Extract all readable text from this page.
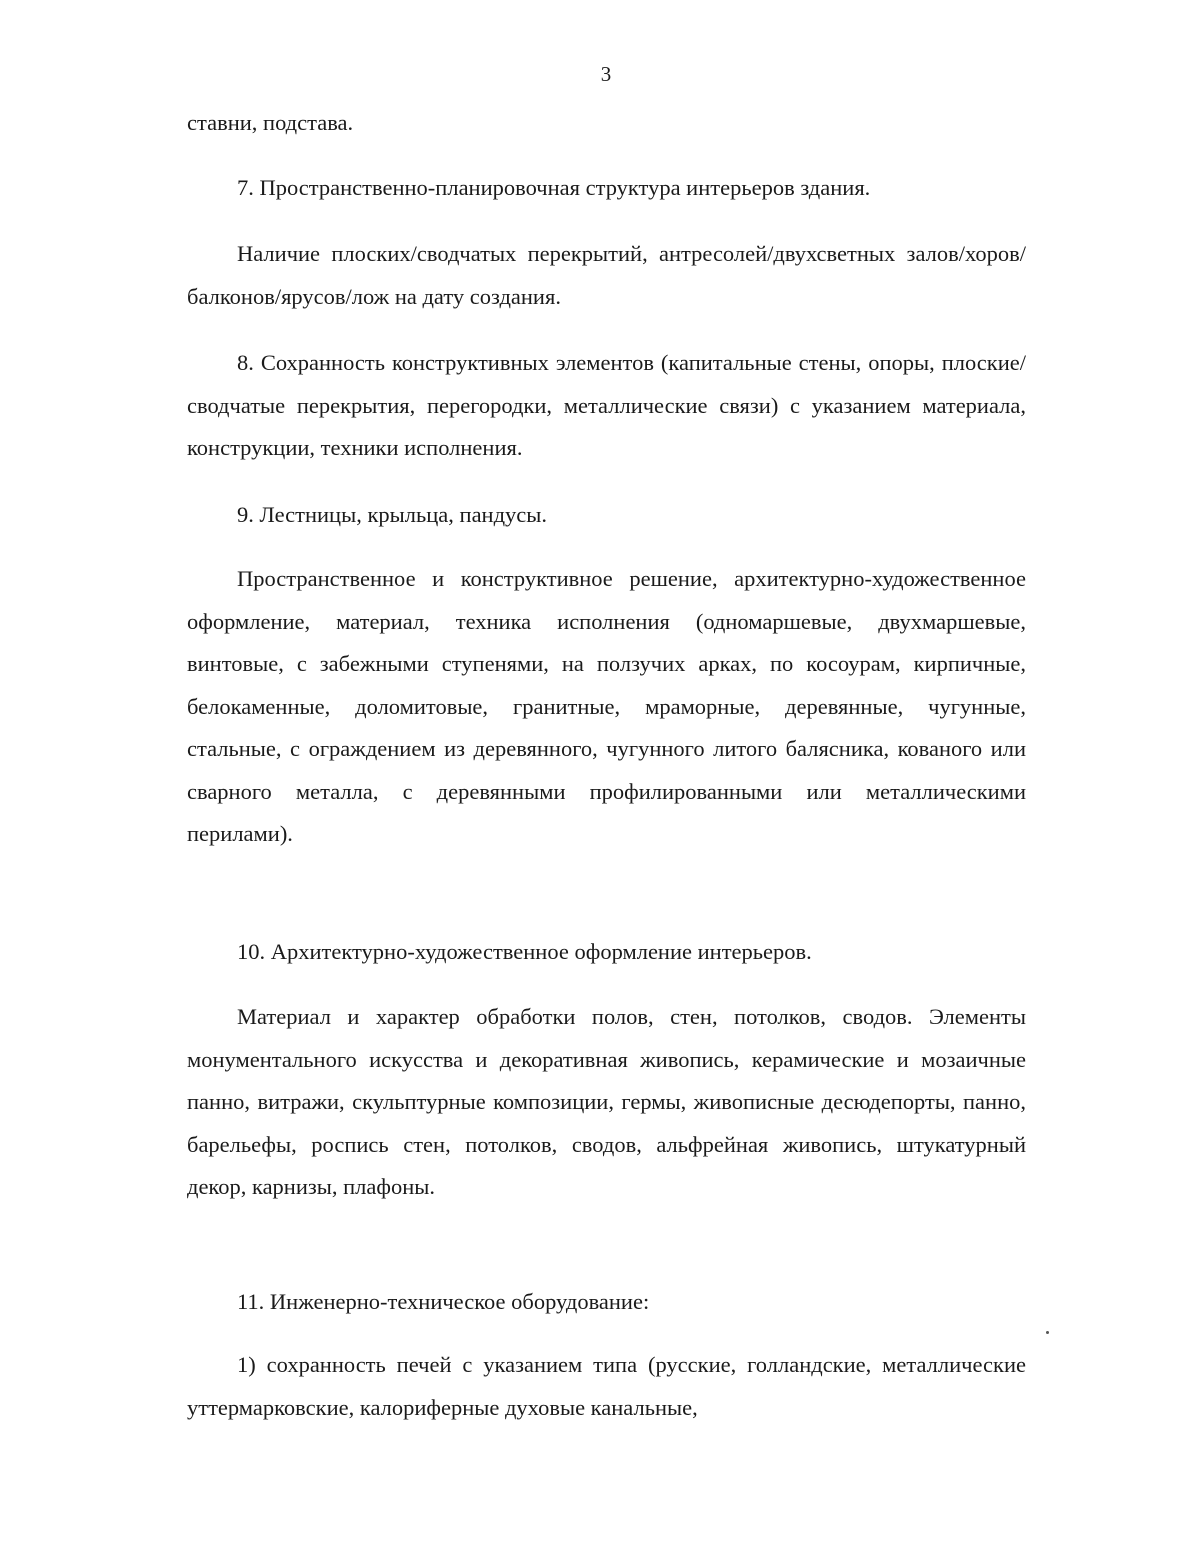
3

ставни, подстава.

7. Пространственно-планировочная структура интерьеров здания.

Наличие плоских/сводчатых перекрытий, антресолей/двухсветных залов/хоров/балконов/ярусов/лож на дату создания.

8. Сохранность конструктивных элементов (капитальные стены, опоры, плоские/сводчатые перекрытия, перегородки, металлические связи) с указанием материала, конструкции, техники исполнения.

9. Лестницы, крыльца, пандусы.

Пространственное и конструктивное решение, архитектурно-художественное оформление, материал, техника исполнения (одномаршевые, двухмаршевые, винтовые, с забежными ступенями, на ползучих арках, по косоурам, кирпичные, белокаменные, доломитовые, гранитные, мраморные, деревянные, чугунные, стальные, с ограждением из деревянного, чугунного литого балясника, кованого или сварного металла, с деревянными профилированными или металлическими перилами).

10. Архитектурно-художественное оформление интерьеров.

Материал и характер обработки полов, стен, потолков, сводов. Элементы монументального искусства и декоративная живопись, керамические и мозаичные панно, витражи, скульптурные композиции, гермы, живописные десюдепорты, панно, барельефы, роспись стен, потолков, сводов, альфрейная живопись, штукатурный декор, карнизы, плафоны.

11. Инженерно-техническое оборудование:

1) сохранность печей с указанием типа (русские, голландские, металлические уттермарковские, калориферные духовые канальные,
